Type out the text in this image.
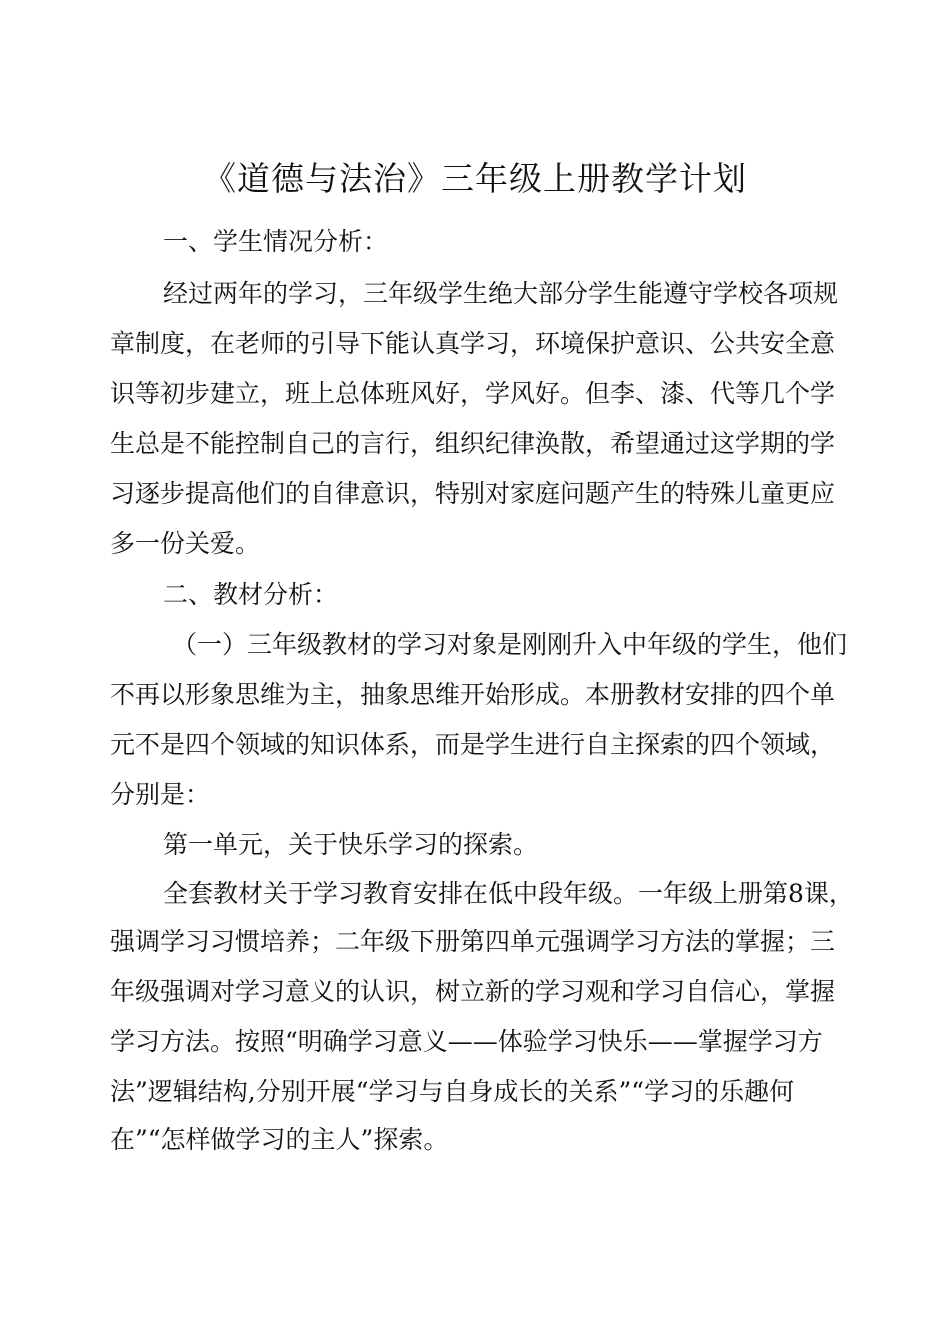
《道德与法治》三年级上册教学计划
一、学生情况分析：
经过两年的学习，三年级学生绝大部分学生能遵守学校各项规
章制度，在老师的引导下能认真学习，环境保护意识、公共安全意
识等初步建立，班上总体班风好，学风好。但李、漆、代等几个学
生总是不能控制自己的言行，组织纪律涣散，希望通过这学期的学
习逐步提高他们的自律意识，特别对家庭问题产生的特殊儿童更应
多一份关爱。
二、教材分析：
（一）三年级教材的学习对象是刚刚升入中年级的学生，他们
不再以形象思维为主，抽象思维开始形成。本册教材安排的四个单
元不是四个领域的知识体系，而是学生进行自主探索的四个领域，
分别是：
第一单元，关于快乐学习的探索。
全套教材关于学习教育安排在低中段年级。一年级上册第8课，
强调学习习惯培养；二年级下册第四单元强调学习方法的掌握；三
年级强调对学习意义的认识，树立新的学习观和学习自信心，掌握
学习方法。按照“明确学习意义——体验学习快乐——掌握学习方
法”逻辑结构,分别开展“学习与自身成长的关系”“学习的乐趣何
在”“怎样做学习的主人”探索。
